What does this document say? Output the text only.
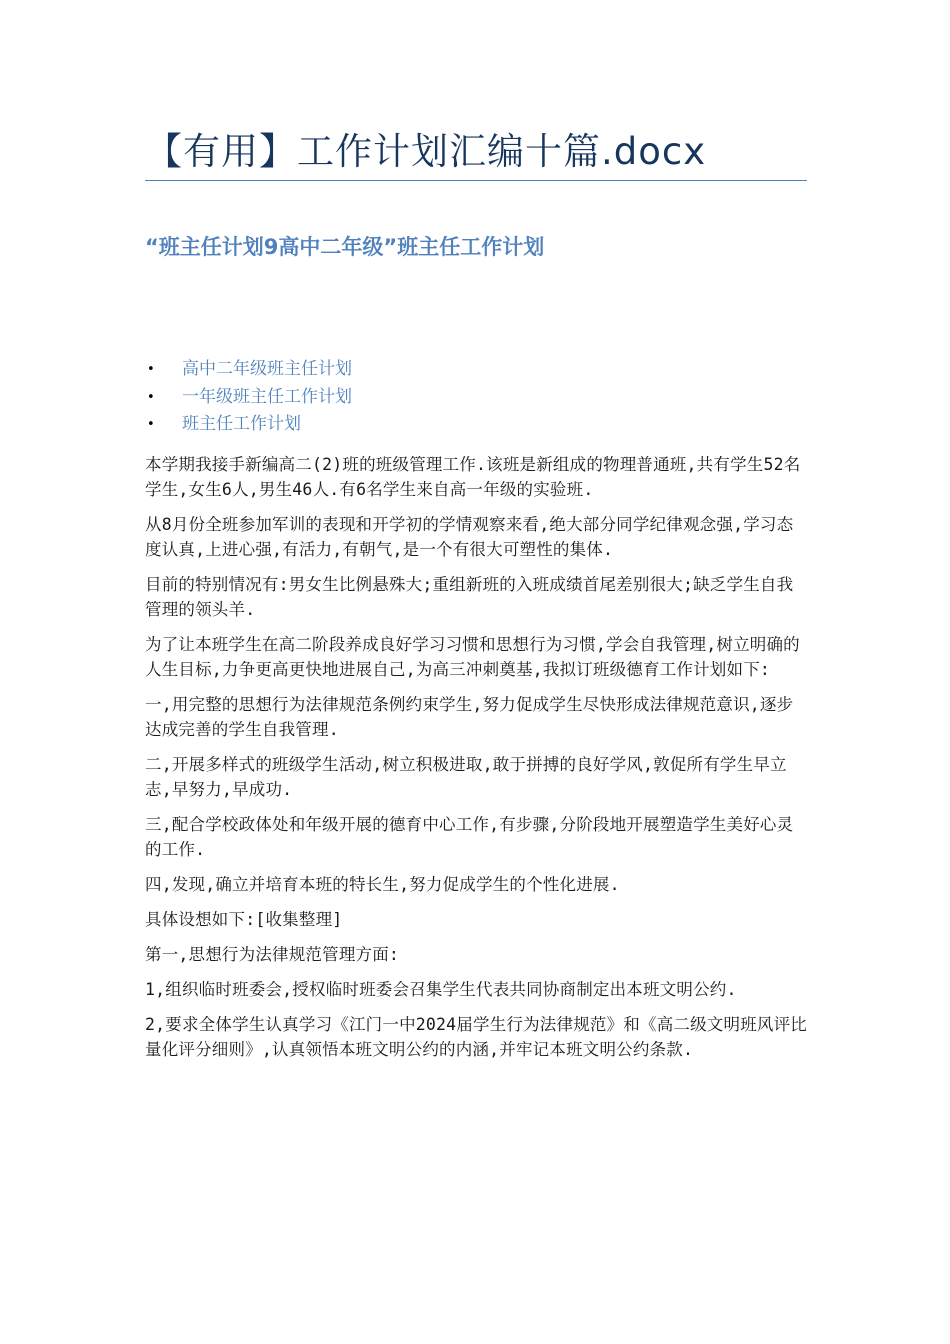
【有用】工作计划汇编十篇.docx
“班主任计划9高中二年级”班主任工作计划
• 高中二年级班主任计划
• 一年级班主任工作计划
• 班主任工作计划

本学期我接手新编高二(2)班的班级管理工作.该班是新组成的物理普通班,共有学生52名学生,女生6人,男生46人.有6名学生来自高一年级的实验班.

从8月份全班参加军训的表现和开学初的学情观察来看,绝大部分同学纪律观念强,学习态度认真,上进心强,有活力,有朝气,是一个有很大可塑性的集体.

目前的特别情况有:男女生比例悬殊大;重组新班的入班成绩首尾差别很大;缺乏学生自我管理的领头羊.

为了让本班学生在高二阶段养成良好学习习惯和思想行为习惯,学会自我管理,树立明确的人生目标,力争更高更快地进展自己,为高三冲刺奠基,我拟订班级德育工作计划如下:

一,用完整的思想行为法律规范条例约束学生,努力促成学生尽快形成法律规范意识,逐步达成完善的学生自我管理.

二,开展多样式的班级学生活动,树立积极进取,敢于拼搏的良好学风,敦促所有学生早立志,早努力,早成功.

三,配合学校政体处和年级开展的德育中心工作,有步骤,分阶段地开展塑造学生美好心灵的工作.

四,发现,确立并培育本班的特长生,努力促成学生的个性化进展.

具体设想如下:[收集整理]

第一,思想行为法律规范管理方面:

1,组织临时班委会,授权临时班委会召集学生代表共同协商制定出本班文明公约.

2,要求全体学生认真学习《江门一中2024届学生行为法律规范》和《高二级文明班风评比量化评分细则》,认真领悟本班文明公约的内涵,并牢记本班文明公约条款.
